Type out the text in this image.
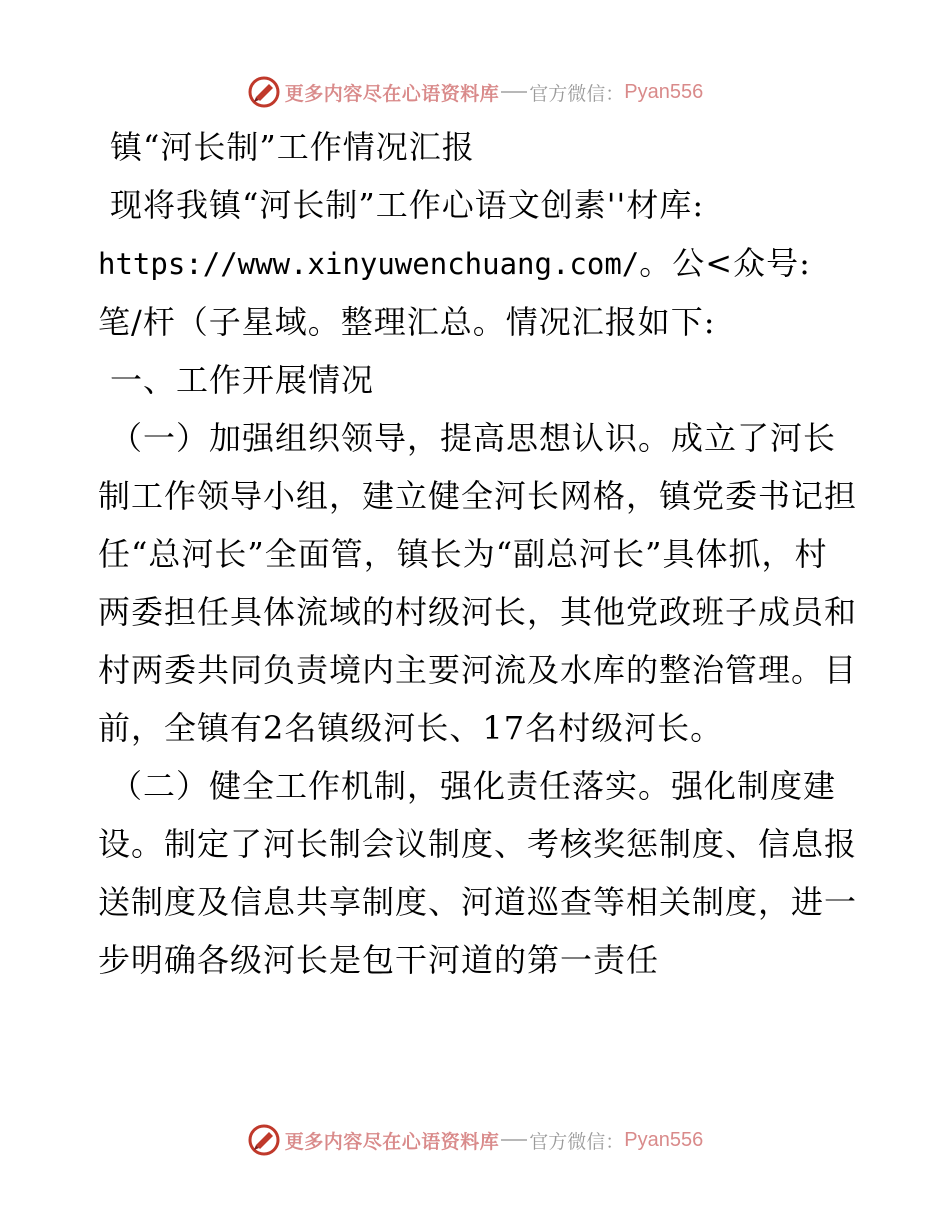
更多内容尽在心语资料库 官方微信： Pyan556

镇“河长制”工作情况汇报

现将我镇“河长制”工作心语文创素''材库:
https://www.xinyuwenchuang.com/。公<众号:
笔/杆（子星域。整理汇总。情况汇报如下:

一、工作开展情况

（一）加强组织领导，提高思想认识。成立了河长制工作领导小组，建立健全河长网格，镇党委书记担任“总河长”全面管，镇长为“副总河长”具体抓，村两委担任具体流域的村级河长，其他党政班子成员和村两委共同负责境内主要河流及水库的整治管理。目前，全镇有2名镇级河长、17名村级河长。

（二）健全工作机制，强化责任落实。强化制度建设。制定了河长制会议制度、考核奖惩制度、信息报送制度及信息共享制度、河道巡查等相关制度，进一步明确各级河长是包干河道的第一责任

更多内容尽在心语资料库 官方微信： Pyan556
